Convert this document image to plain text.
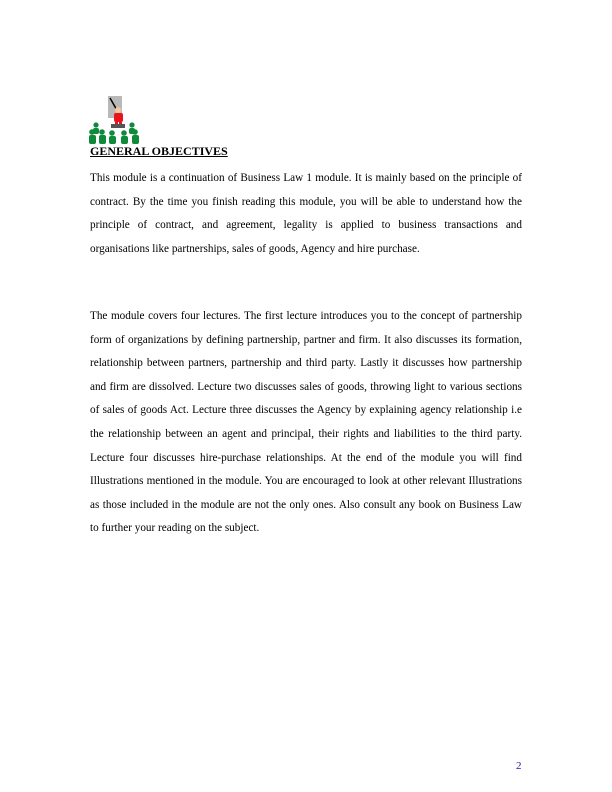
GENERAL OBJECTIVES

This module is a continuation of Business Law 1 module. It is mainly based on the principle of contract. By the time you finish reading this module, you will be able to understand how the principle of contract, and agreement, legality is applied to business transactions and organisations like partnerships, sales of goods, Agency and hire purchase.

The module covers four lectures. The first lecture introduces you to the concept of partnership form of organizations by defining partnership, partner and firm. It also discusses its formation, relationship between partners, partnership and third party. Lastly it discusses how partnership and firm are dissolved. Lecture two discusses sales of goods, throwing light to various sections of sales of goods Act. Lecture three discusses the Agency by explaining agency relationship i.e the relationship between an agent and principal, their rights and liabilities to the third party. Lecture four discusses hire-purchase relationships. At the end of the module you will find Illustrations mentioned in the module. You are encouraged to look at other relevant Illustrations as those included in the module are not the only ones. Also consult any book on Business Law to further your reading on the subject.

2
